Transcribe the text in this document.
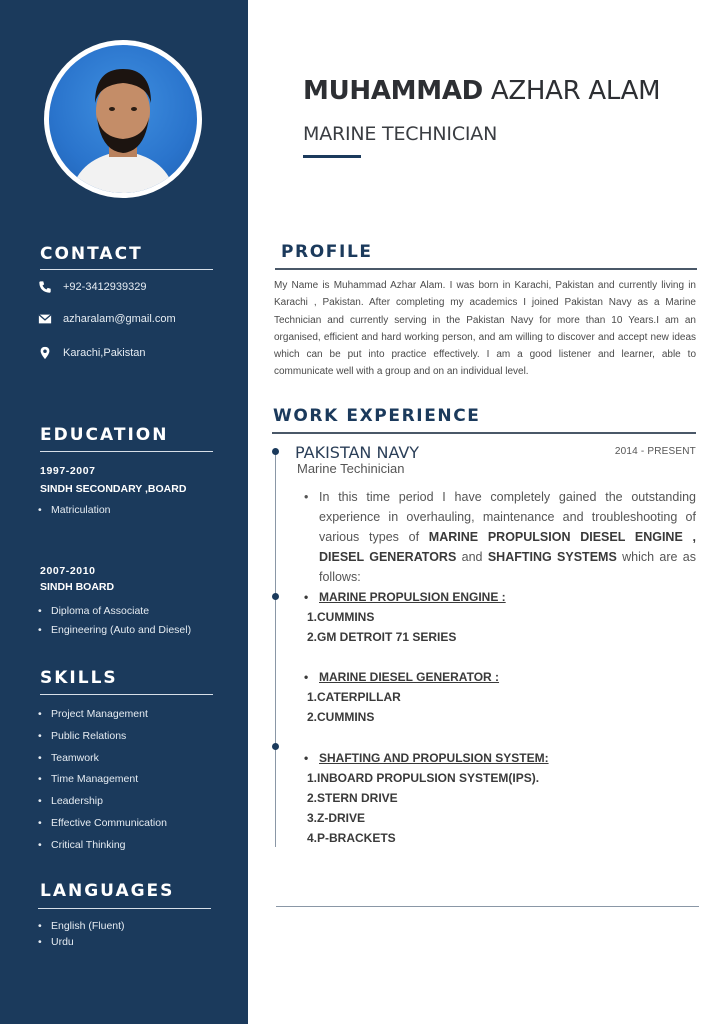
CONTACT
+92-3412939329
azharalam@gmail.com
Karachi,Pakistan
EDUCATION
1997-2007
SINDH SECONDARY ,BOARD
• Matriculation
2007-2010
SINDH BOARD
• Diploma of Associate
• Engineering (Auto and Diesel)
SKILLS
• Project Management
• Public Relations
• Teamwork
• Time Management
• Leadership
• Effective Communication
• Critical Thinking
LANGUAGES
• English (Fluent)
• Urdu
MUHAMMAD AZHAR ALAM
MARINE TECHNICIAN
PROFILE
My Name is Muhammad Azhar Alam. I was born in Karachi, Pakistan and currently living in Karachi , Pakistan. After completing my academics I joined Pakistan Navy as a Marine Technician and currently serving in the Pakistan Navy for more than 10 Years.I am an organised, efficient and hard working person, and am willing to discover and accept new ideas which can be put into practice effectively. I am a good listener and learner, able to communicate well with a group and on an individual level.
WORK EXPERIENCE
PAKISTAN NAVY	2014 - PRESENT
Marine Techinician
• In this time period I have completely gained the outstanding experience in overhauling, maintenance and troubleshooting of various types of MARINE PROPULSION DIESEL ENGINE , DIESEL GENERATORS and SHAFTING SYSTEMS which are as follows:
• MARINE PROPULSION ENGINE :
1.CUMMINS
2.GM DETROIT 71 SERIES
• MARINE DIESEL GENERATOR :
1.CATERPILLAR
2.CUMMINS
• SHAFTING AND PROPULSION SYSTEM:
1.INBOARD PROPULSION SYSTEM(IPS).
2.STERN DRIVE
3.Z-DRIVE
4.P-BRACKETS
